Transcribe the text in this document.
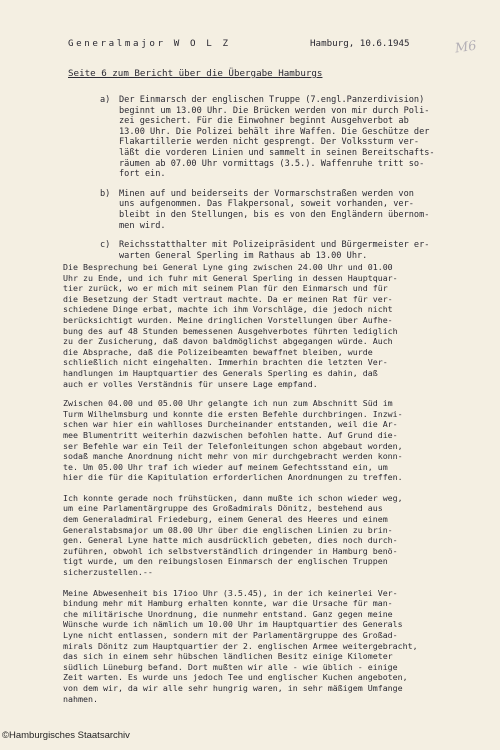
Generalmajor W O L Z	Hamburg, 10.6.1945	M6
Seite 6 zum Bericht über die Übergabe Hamburgs
a)	Der Einmarsch der englischen Truppe (7.engl.Panzerdivision)
beginnt um 13.00 Uhr. Die Brücken werden von mir durch Poli-
zei gesichert. Für die Einwohner beginnt Ausgehverbot ab
13.00 Uhr. Die Polizei behält ihre Waffen. Die Geschütze der
Flakartillerie werden nicht gesprengt. Der Volkssturm ver-
läßt die vorderen Linien und sammelt in seinen Bereitschafts-
räumen ab 07.00 Uhr vormittags (3.5.). Waffenruhe tritt so-
fort ein.
b)	Minen auf und beiderseits der Vormarschstraßen werden von
uns aufgenommen. Das Flakpersonal, soweit vorhanden, ver-
bleibt in den Stellungen, bis es von den Engländern übernom-
men wird.
c)	Reichsstatthalter mit Polizeipräsident und Bürgermeister er-
warten General Sperling im Rathaus ab 13.00 Uhr.

Die Besprechung bei General Lyne ging zwischen 24.00 Uhr und 01.00
Uhr zu Ende, und ich fuhr mit General Sperling in dessen Hauptquar-
tier zurück, wo er mich mit seinem Plan für den Einmarsch und für
die Besetzung der Stadt vertraut machte. Da er meinen Rat für ver-
schiedene Dinge erbat, machte ich ihm Vorschläge, die jedoch nicht
berücksichtigt wurden. Meine dringlichen Vorstellungen über Aufhe-
bung des auf 48 Stunden bemessenen Ausgehverbotes führten lediglich
zu der Zusicherung, daß davon baldmöglichst abgegangen würde. Auch
die Absprache, daß die Polizeibeamten bewaffnet bleiben, wurde
schließlich nicht eingehalten. Immerhin brachten die letzten Ver-
handlungen im Hauptquartier des Generals Sperling es dahin, daß
auch er volles Verständnis für unsere Lage empfand.

Zwischen 04.00 und 05.00 Uhr gelangte ich nun zum Abschnitt Süd im
Turm Wilhelmsburg und konnte die ersten Befehle durchbringen. Inzwi-
schen war hier ein wahlloses Durcheinander entstanden, weil die Ar-
mee Blumentritt weiterhin dazwischen befohlen hatte. Auf Grund die-
ser Befehle war ein Teil der Telefonleitungen schon abgebaut worden,
sodaß manche Anordnung nicht mehr von mir durchgebracht werden konn-
te. Um 05.00 Uhr traf ich wieder auf meinem Gefechtsstand ein, um
hier die für die Kapitulation erforderlichen Anordnungen zu treffen.

Ich konnte gerade noch frühstücken, dann mußte ich schon wieder weg,
um eine Parlamentärgruppe des Großadmirals Dönitz, bestehend aus
dem Generaladmiral Friedeburg, einem General des Heeres und einem
Generalstabsmajor um 08.00 Uhr über die englischen Linien zu brin-
gen. General Lyne hatte mich ausdrücklich gebeten, dies noch durch-
zuführen, obwohl ich selbstverständlich dringender in Hamburg benö-
tigt wurde, um den reibungslosen Einmarsch der englischen Truppen
sicherzustellen.--

Meine Abwesenheit bis 17ioo Uhr (3.5.45), in der ich keinerlei Ver-
bindung mehr mit Hamburg erhalten konnte, war die Ursache für man-
che militärische Unordnung, die nunmehr entstand. Ganz gegen meine
Wünsche wurde ich nämlich um 10.00 Uhr im Hauptquartier des Generals
Lyne nicht entlassen, sondern mit der Parlamentärgruppe des Großad-
mirals Dönitz zum Hauptquartier der 2. englischen Armee weitergebracht,
das sich in einem sehr hübschen ländlichen Besitz einige Kilometer
südlich Lüneburg befand. Dort mußten wir alle - wie üblich - einige
Zeit warten. Es wurde uns jedoch Tee und englischer Kuchen angeboten,
von dem wir, da wir alle sehr hungrig waren, in sehr mäßigem Umfange
nahmen.

©Hamburgisches Staatsarchiv
